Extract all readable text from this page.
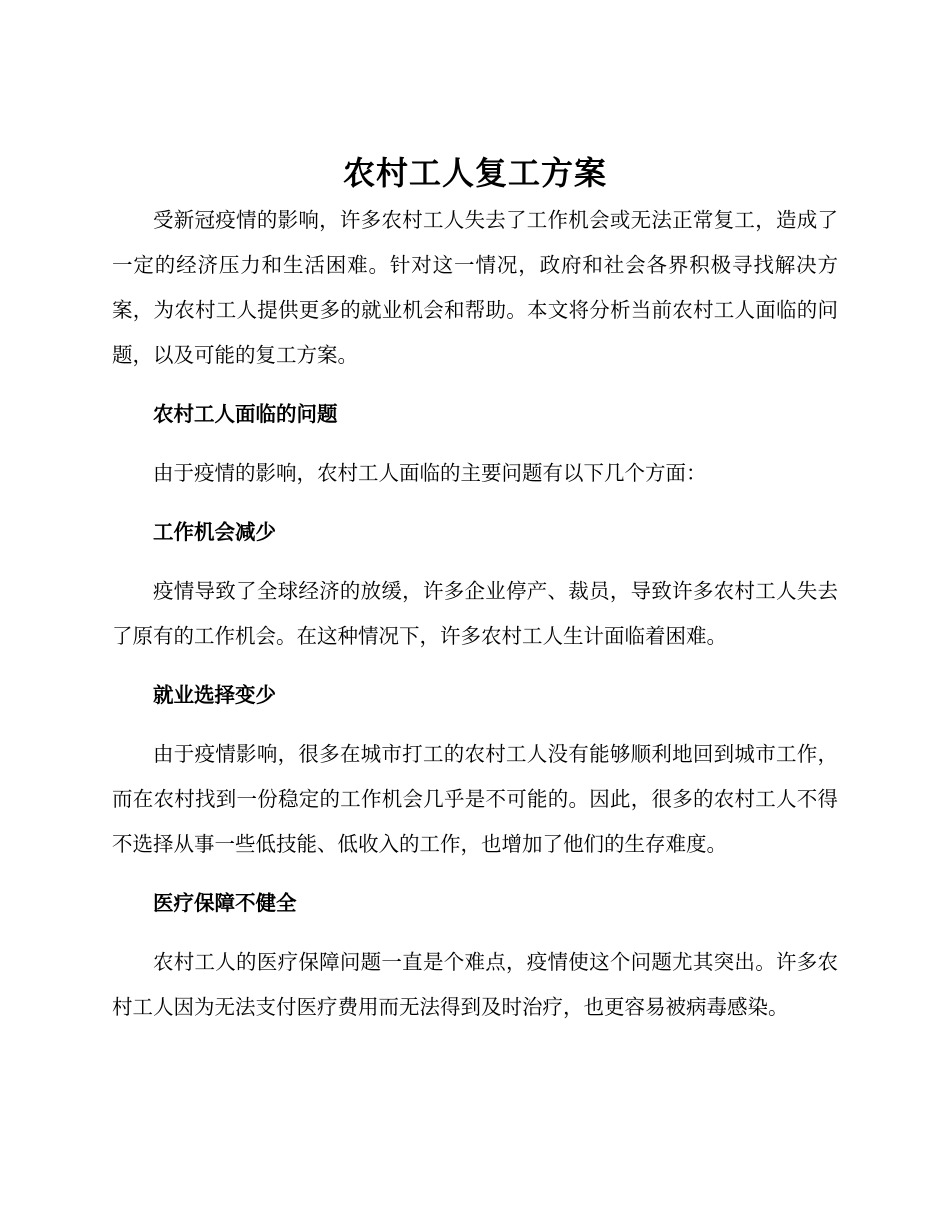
农村工人复工方案

受新冠疫情的影响，许多农村工人失去了工作机会或无法正常复工，造成了一定的经济压力和生活困难。针对这一情况，政府和社会各界积极寻找解决方案，为农村工人提供更多的就业机会和帮助。本文将分析当前农村工人面临的问题，以及可能的复工方案。

农村工人面临的问题

由于疫情的影响，农村工人面临的主要问题有以下几个方面：

工作机会减少

疫情导致了全球经济的放缓，许多企业停产、裁员，导致许多农村工人失去了原有的工作机会。在这种情况下，许多农村工人生计面临着困难。

就业选择变少

由于疫情影响，很多在城市打工的农村工人没有能够顺利地回到城市工作，而在农村找到一份稳定的工作机会几乎是不可能的。因此，很多的农村工人不得不选择从事一些低技能、低收入的工作，也增加了他们的生存难度。

医疗保障不健全

农村工人的医疗保障问题一直是个难点，疫情使这个问题尤其突出。许多农村工人因为无法支付医疗费用而无法得到及时治疗，也更容易被病毒感染。
